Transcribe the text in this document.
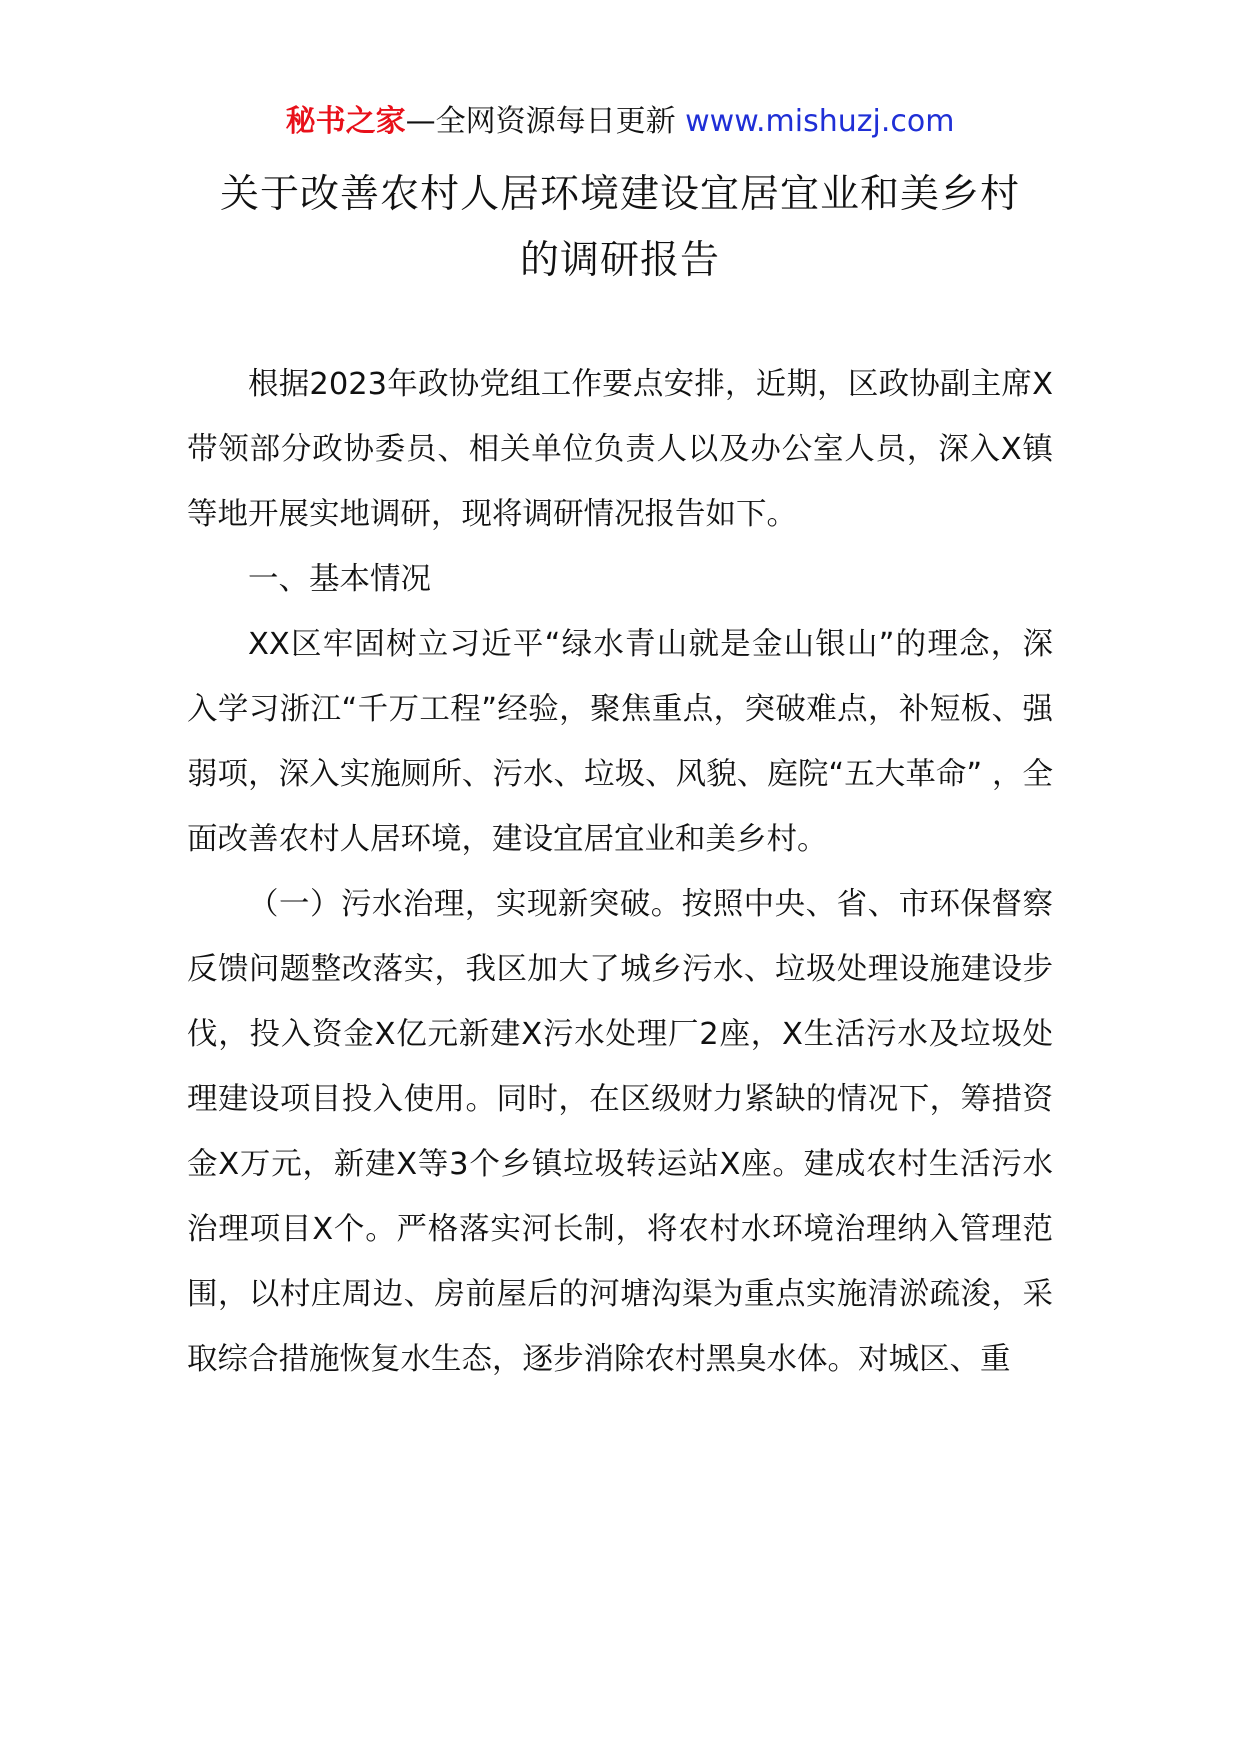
秘书之家—全网资源每日更新 www.mishuzj.com
关于改善农村人居环境建设宜居宜业和美乡村
的调研报告

根据2023年政协党组工作要点安排，近期，区政协副主席X带领部分政协委员、相关单位负责人以及办公室人员，深入X镇等地开展实地调研，现将调研情况报告如下。

一、基本情况

XX区牢固树立习近平“绿水青山就是金山银山”的理念，深入学习浙江“千万工程”经验，聚焦重点，突破难点，补短板、强弱项，深入实施厕所、污水、垃圾、风貌、庭院“五大革命” ，全面改善农村人居环境，建设宜居宜业和美乡村。

（一）污水治理，实现新突破。按照中央、省、市环保督察反馈问题整改落实，我区加大了城乡污水、垃圾处理设施建设步伐，投入资金X亿元新建X污水处理厂2座，X生活污水及垃圾处理建设项目投入使用。同时，在区级财力紧缺的情况下，筹措资金X万元，新建X等3个乡镇垃圾转运站X座。建成农村生活污水治理项目X个。严格落实河长制，将农村水环境治理纳入管理范围，以村庄周边、房前屋后的河塘沟渠为重点实施清淤疏浚，采取综合措施恢复水生态，逐步消除农村黑臭水体。对城区、重
